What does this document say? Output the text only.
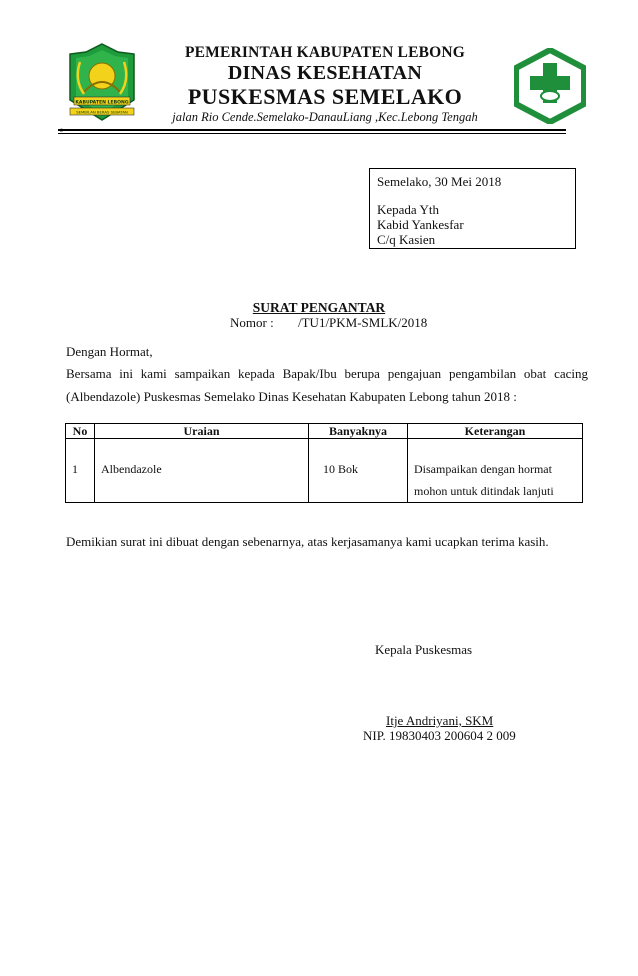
KABUPATEN LEBONG
SEMBILAN BERAS SEBATAN
PEMERINTAH KABUPATEN LEBONG
DINAS KESEHATAN
PUSKESMAS SEMELAKO
jalan Rio Cende.Semelako-DanauLiang ,Kec.Lebong Tengah
Semelako, 30 Mei 2018
Kepada Yth
Kabid Yankesfar
C/q Kasien
SURAT PENGANTAR
Nomor : /TU1/PKM-SMLK/2018
Dengan Hormat,
Bersama ini kami sampaikan kepada Bapak/Ibu berupa pengajuan pengambilan obat cacing
(Albendazole) Puskesmas Semelako Dinas Kesehatan Kabupaten Lebong tahun 2018 :
No	Uraian	Banyaknya	Keterangan
1	Albendazole	10 Bok	Disampaikan dengan hormat
mohon untuk ditindak lanjuti
Demikian surat ini dibuat dengan sebenarnya, atas kerjasamanya kami ucapkan terima kasih.
Kepala Puskesmas
Itje Andriyani, SKM
NIP. 19830403 200604 2 009
